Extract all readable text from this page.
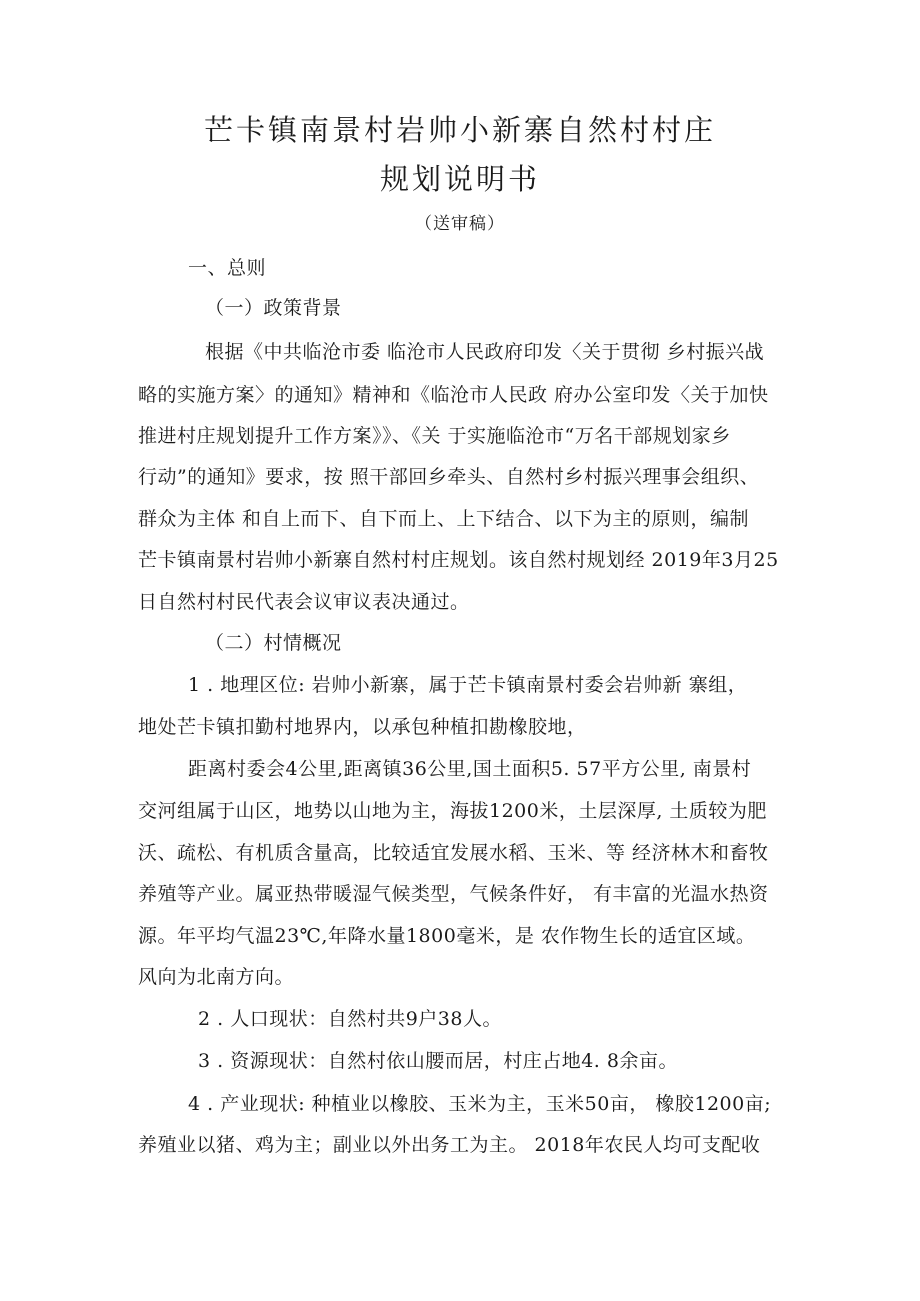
芒卡镇南景村岩帅小新寨自然村村庄
规划说明书
（送审稿）
一、总则
（一）政策背景
根据《中共临沧市委 临沧市人民政府印发〈关于贯彻 乡村振兴战
略的实施方案〉的通知》精神和《临沧市人民政 府办公室印发〈关于加快
推进村庄规划提升工作方案》》、《关 于实施临沧市“万名干部规划家乡
行动”的通知》要求，按 照干部回乡牵头、自然村乡村振兴理事会组织、
群众为主体 和自上而下、自下而上、上下结合、以下为主的原则，编制
芒卡镇南景村岩帅小新寨自然村村庄规划。该自然村规划经 2019年3月25
日自然村村民代表会议审议表决通过。
（二）村情概况
1 . 地理区位: 岩帅小新寨，属于芒卡镇南景村委会岩帅新 寨组，
地处芒卡镇扣勤村地界内，以承包种植扣勘橡胶地，
距离村委会4公里,距离镇36公里,国土面积5. 57平方公里, 南景村
交河组属于山区，地势以山地为主，海拔1200米，土层深厚, 土质较为肥
沃、疏松、有机质含量高，比较适宜发展水稻、玉米、等 经济林木和畜牧
养殖等产业。属亚热带暖湿气候类型，气候条件好， 有丰富的光温水热资
源。年平均气温23℃,年降水量1800毫米，是 农作物生长的适宜区域。
风向为北南方向。
2 . 人口现状：自然村共9户38人。
3 . 资源现状：自然村依山腰而居，村庄占地4. 8余亩。
4 . 产业现状: 种植业以橡胶、玉米为主，玉米50亩， 橡胶1200亩;
养殖业以猪、鸡为主；副业以外出务工为主。 2018年农民人均可支配收
